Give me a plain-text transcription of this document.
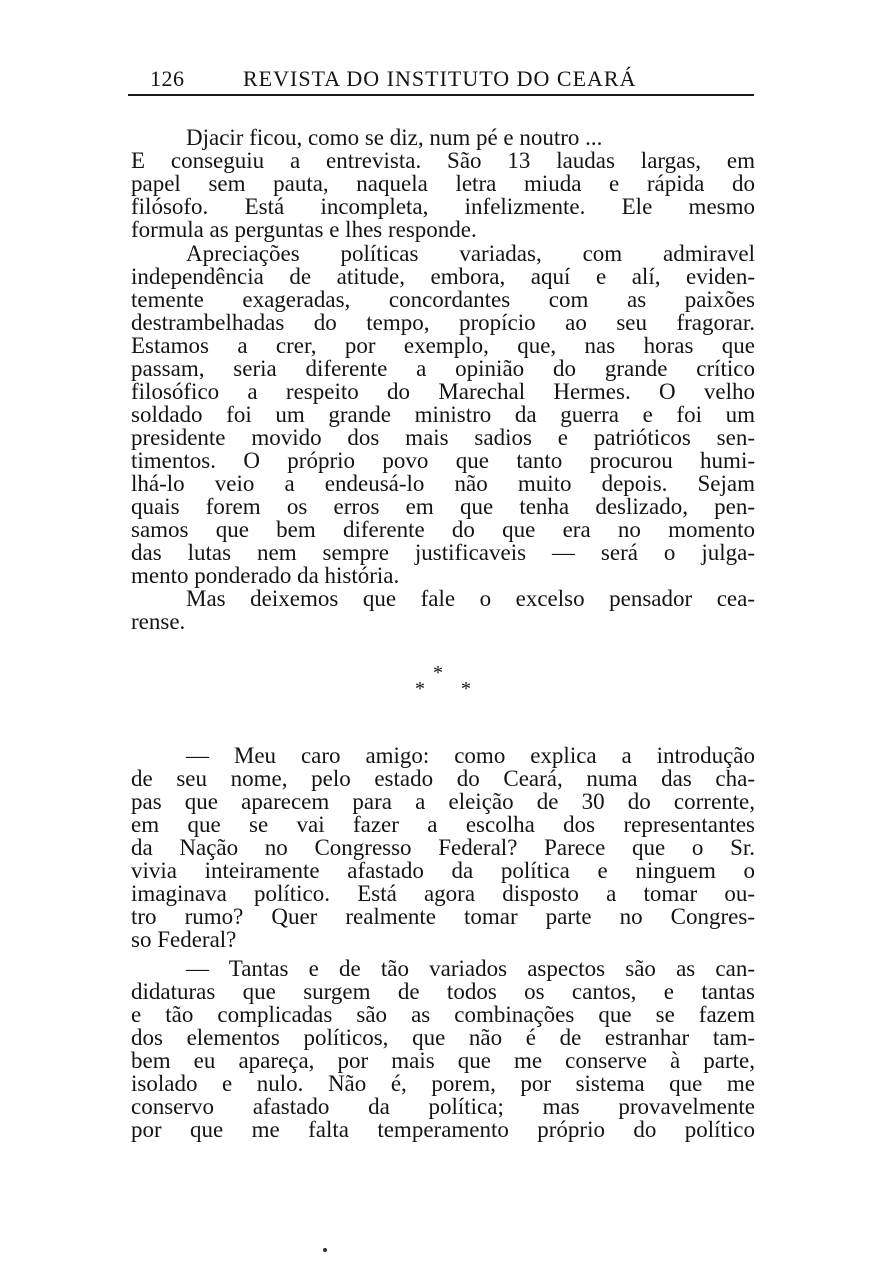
126	REVISTA DO INSTITUTO DO CEARÁ
Djacir ficou, como se diz, num pé e noutro ...
E conseguiu a entrevista. São 13 laudas largas, em
papel sem pauta, naquela letra miuda e rápida do
filósofo. Está incompleta, infelizmente. Ele mesmo
formula as perguntas e lhes responde.
Apreciações políticas variadas, com admiravel
independência de atitude, embora, aquí e alí, eviden-
temente exageradas, concordantes com as paixões
destrambelhadas do tempo, propício ao seu fragorar.
Estamos a crer, por exemplo, que, nas horas que
passam, seria diferente a opinião do grande crítico
filosófico a respeito do Marechal Hermes. O velho
soldado foi um grande ministro da guerra e foi um
presidente movido dos mais sadios e patrióticos sen-
timentos. O próprio povo que tanto procurou humi-
lhá-lo veio a endeusá-lo não muito depois. Sejam
quais forem os erros em que tenha deslizado, pen-
samos que bem diferente do que era no momento
das lutas nem sempre justificaveis — será o julga-
mento ponderado da história.
Mas deixemos que fale o excelso pensador cea-
rense.
*
* *
— Meu caro amigo: como explica a introdução
de seu nome, pelo estado do Ceará, numa das cha-
pas que aparecem para a eleição de 30 do corrente,
em que se vai fazer a escolha dos representantes
da Nação no Congresso Federal? Parece que o Sr.
vivia inteiramente afastado da política e ninguem o
imaginava político. Está agora disposto a tomar ou-
tro rumo? Quer realmente tomar parte no Congres-
so Federal?
— Tantas e de tão variados aspectos são as can-
didaturas que surgem de todos os cantos, e tantas
e tão complicadas são as combinações que se fazem
dos elementos políticos, que não é de estranhar tam-
bem eu apareça, por mais que me conserve à parte,
isolado e nulo. Não é, porem, por sistema que me
conservo afastado da política; mas provavelmente
por que me falta temperamento próprio do político
